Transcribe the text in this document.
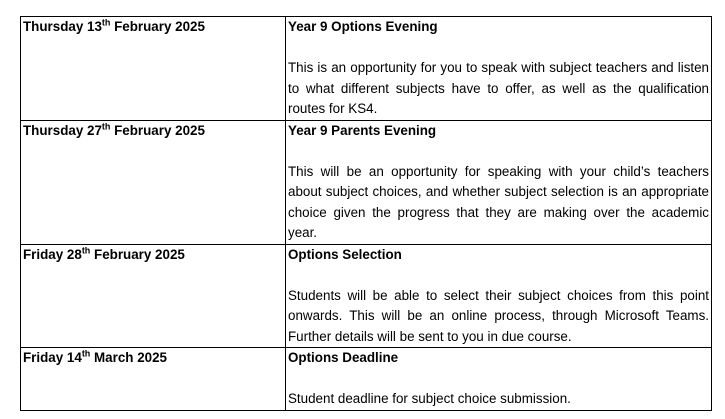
Thursday 13th February 2025	Year 9 Options Evening
This is an opportunity for you to speak with subject teachers and listen to what different subjects have to offer, as well as the qualification routes for KS4.

Thursday 27th February 2025	Year 9 Parents Evening
This will be an opportunity for speaking with your child’s teachers about subject choices, and whether subject selection is an appropriate choice given the progress that they are making over the academic year.

Friday 28th February 2025	Options Selection
Students will be able to select their subject choices from this point onwards. This will be an online process, through Microsoft Teams. Further details will be sent to you in due course.

Friday 14th March 2025	Options Deadline
Student deadline for subject choice submission.
